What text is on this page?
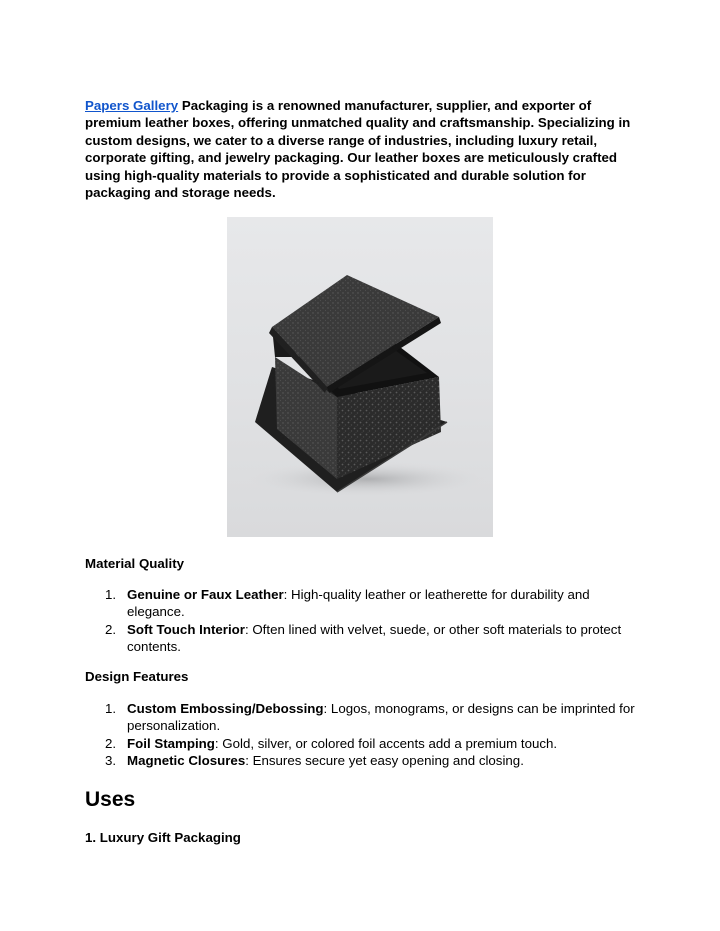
Papers Gallery Packaging is a renowned manufacturer, supplier, and exporter of premium leather boxes, offering unmatched quality and craftsmanship. Specializing in custom designs, we cater to a diverse range of industries, including luxury retail, corporate gifting, and jewelry packaging. Our leather boxes are meticulously crafted using high-quality materials to provide a sophisticated and durable solution for packaging and storage needs.

Material Quality
1. Genuine or Faux Leather: High-quality leather or leatherette for durability and elegance.
2. Soft Touch Interior: Often lined with velvet, suede, or other soft materials to protect contents.
Design Features
1. Custom Embossing/Debossing: Logos, monograms, or designs can be imprinted for personalization.
2. Foil Stamping: Gold, silver, or colored foil accents add a premium touch.
3. Magnetic Closures: Ensures secure yet easy opening and closing.
Uses
1. Luxury Gift Packaging
